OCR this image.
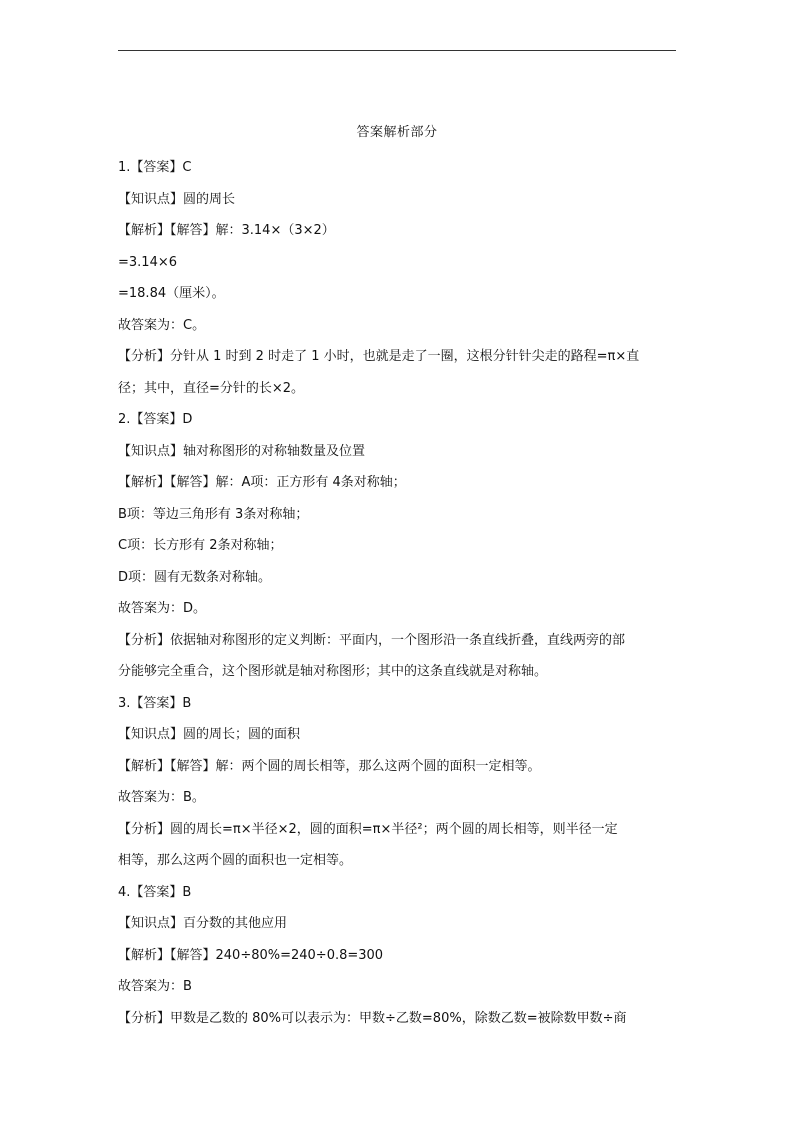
答案解析部分
1.【答案】C
【知识点】圆的周长
【解析】【解答】解：3.14×（3×2）
=3.14×6
=18.84（厘米）。
故答案为：C。
【分析】分针从 1 时到 2 时走了 1 小时，也就是走了一圈，这根分针针尖走的路程=π×直
径；其中，直径=分针的长×2。
2.【答案】D
【知识点】轴对称图形的对称轴数量及位置
【解析】【解答】解：A项：正方形有 4条对称轴；
B项：等边三角形有 3条对称轴；
C项：长方形有 2条对称轴；
D项：圆有无数条对称轴。
故答案为：D。
【分析】依据轴对称图形的定义判断：平面内，一个图形沿一条直线折叠，直线两旁的部
分能够完全重合，这个图形就是轴对称图形；其中的这条直线就是对称轴。
3.【答案】B
【知识点】圆的周长；圆的面积
【解析】【解答】解：两个圆的周长相等，那么这两个圆的面积一定相等。
故答案为：B。
【分析】圆的周长=π×半径×2，圆的面积=π×半径²；两个圆的周长相等，则半径一定
相等，那么这两个圆的面积也一定相等。
4.【答案】B
【知识点】百分数的其他应用
【解析】【解答】240÷80%=240÷0.8=300
故答案为：B
【分析】甲数是乙数的 80%可以表示为：甲数÷乙数=80%，除数乙数=被除数甲数÷商
